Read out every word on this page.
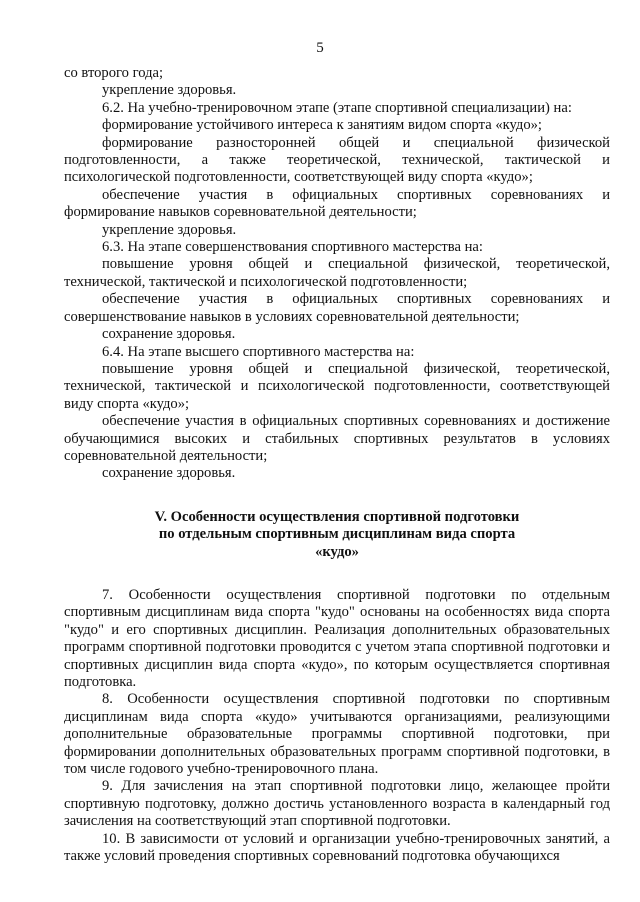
5

со второго года;

укрепление здоровья.

6.2. На учебно-тренировочном этапе (этапе спортивной специализации) на:

формирование устойчивого интереса к занятиям видом спорта «кудо»;

формирование разносторонней общей и специальной физической подготовленности, а также теоретической, технической, тактической и психологической подготовленности, соответствующей виду спорта «кудо»;

обеспечение участия в официальных спортивных соревнованиях и формирование навыков соревновательной деятельности;

укрепление здоровья.

6.3. На этапе совершенствования спортивного мастерства на:

повышение уровня общей и специальной физической, теоретической, технической, тактической и психологической подготовленности;

обеспечение участия в официальных спортивных соревнованиях и совершенствование навыков в условиях соревновательной деятельности;

сохранение здоровья.

6.4. На этапе высшего спортивного мастерства на:

повышение уровня общей и специальной физической, теоретической, технической, тактической и психологической подготовленности, соответствующей виду спорта «кудо»;

обеспечение участия в официальных спортивных соревнованиях и достижение обучающимися высоких и стабильных спортивных результатов в условиях соревновательной деятельности;

сохранение здоровья.

V. Особенности осуществления спортивной подготовки
по отдельным спортивным дисциплинам вида спорта
«кудо»

7. Особенности осуществления спортивной подготовки по отдельным спортивным дисциплинам вида спорта "кудо" основаны на особенностях вида спорта "кудо" и его спортивных дисциплин. Реализация дополнительных образовательных программ спортивной подготовки проводится с учетом этапа спортивной подготовки и спортивных дисциплин вида спорта «кудо», по которым осуществляется спортивная подготовка.

8. Особенности осуществления спортивной подготовки по спортивным дисциплинам вида спорта «кудо» учитываются организациями, реализующими дополнительные образовательные программы спортивной подготовки, при формировании дополнительных образовательных программ спортивной подготовки, в том числе годового учебно-тренировочного плана.

9. Для зачисления на этап спортивной подготовки лицо, желающее пройти спортивную подготовку, должно достичь установленного возраста в календарный год зачисления на соответствующий этап спортивной подготовки.

10. В зависимости от условий и организации учебно-тренировочных занятий, а также условий проведения спортивных соревнований подготовка обучающихся
